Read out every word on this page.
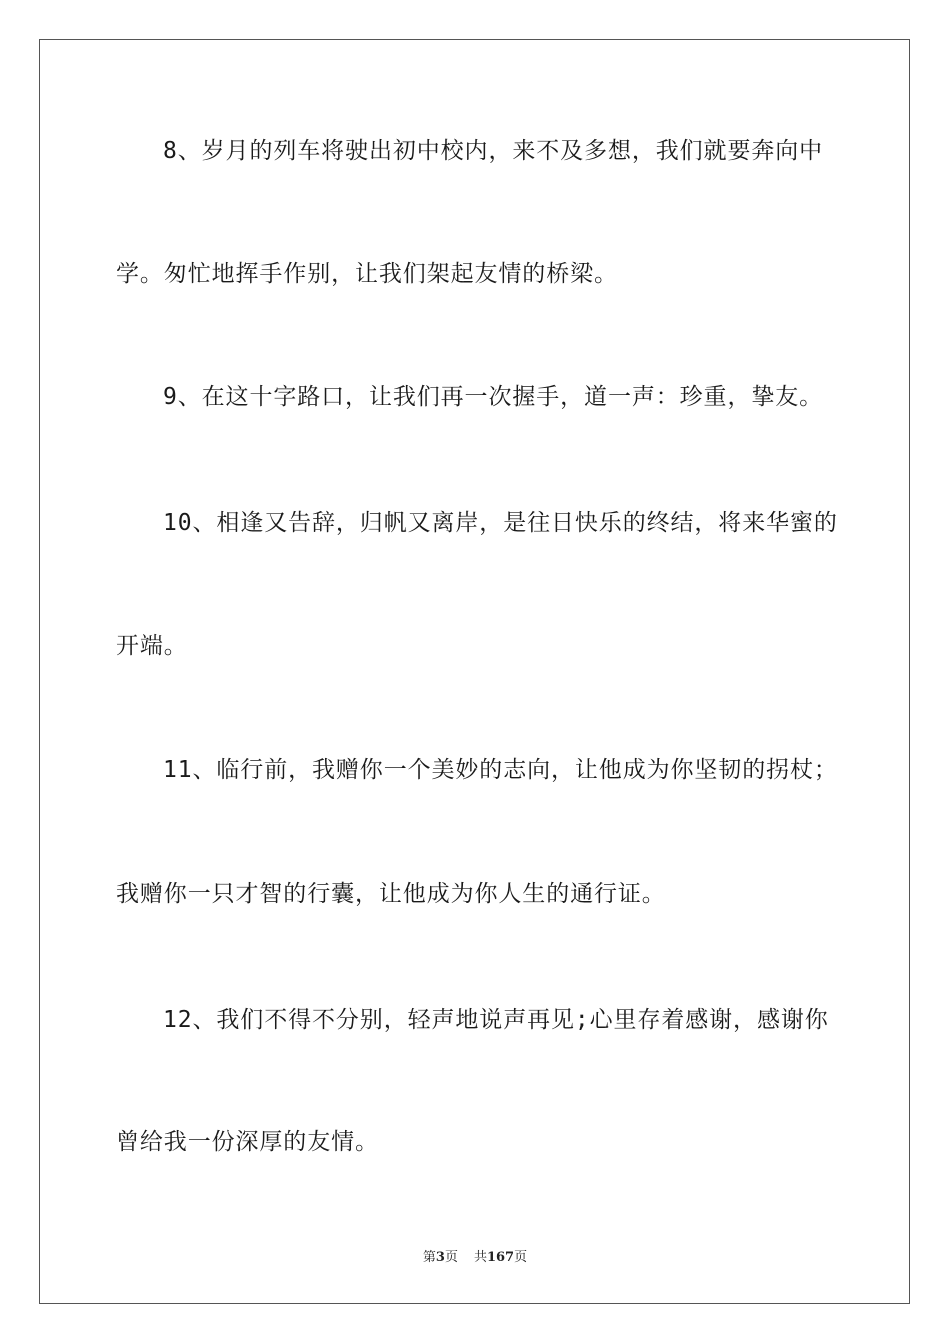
8、岁月的列车将驶出初中校内，来不及多想，我们就要奔向中
学。匆忙地挥手作别，让我们架起友情的桥梁。
9、在这十字路口，让我们再一次握手，道一声：珍重，挚友。
10、相逢又告辞，归帆又离岸，是往日快乐的终结，将来华蜜的
开端。
11、临行前，我赠你一个美妙的志向，让他成为你坚韧的拐杖；
我赠你一只才智的行囊，让他成为你人生的通行证。
12、我们不得不分别，轻声地说声再见;心里存着感谢，感谢你
曾给我一份深厚的友情。
第3页 共167页
